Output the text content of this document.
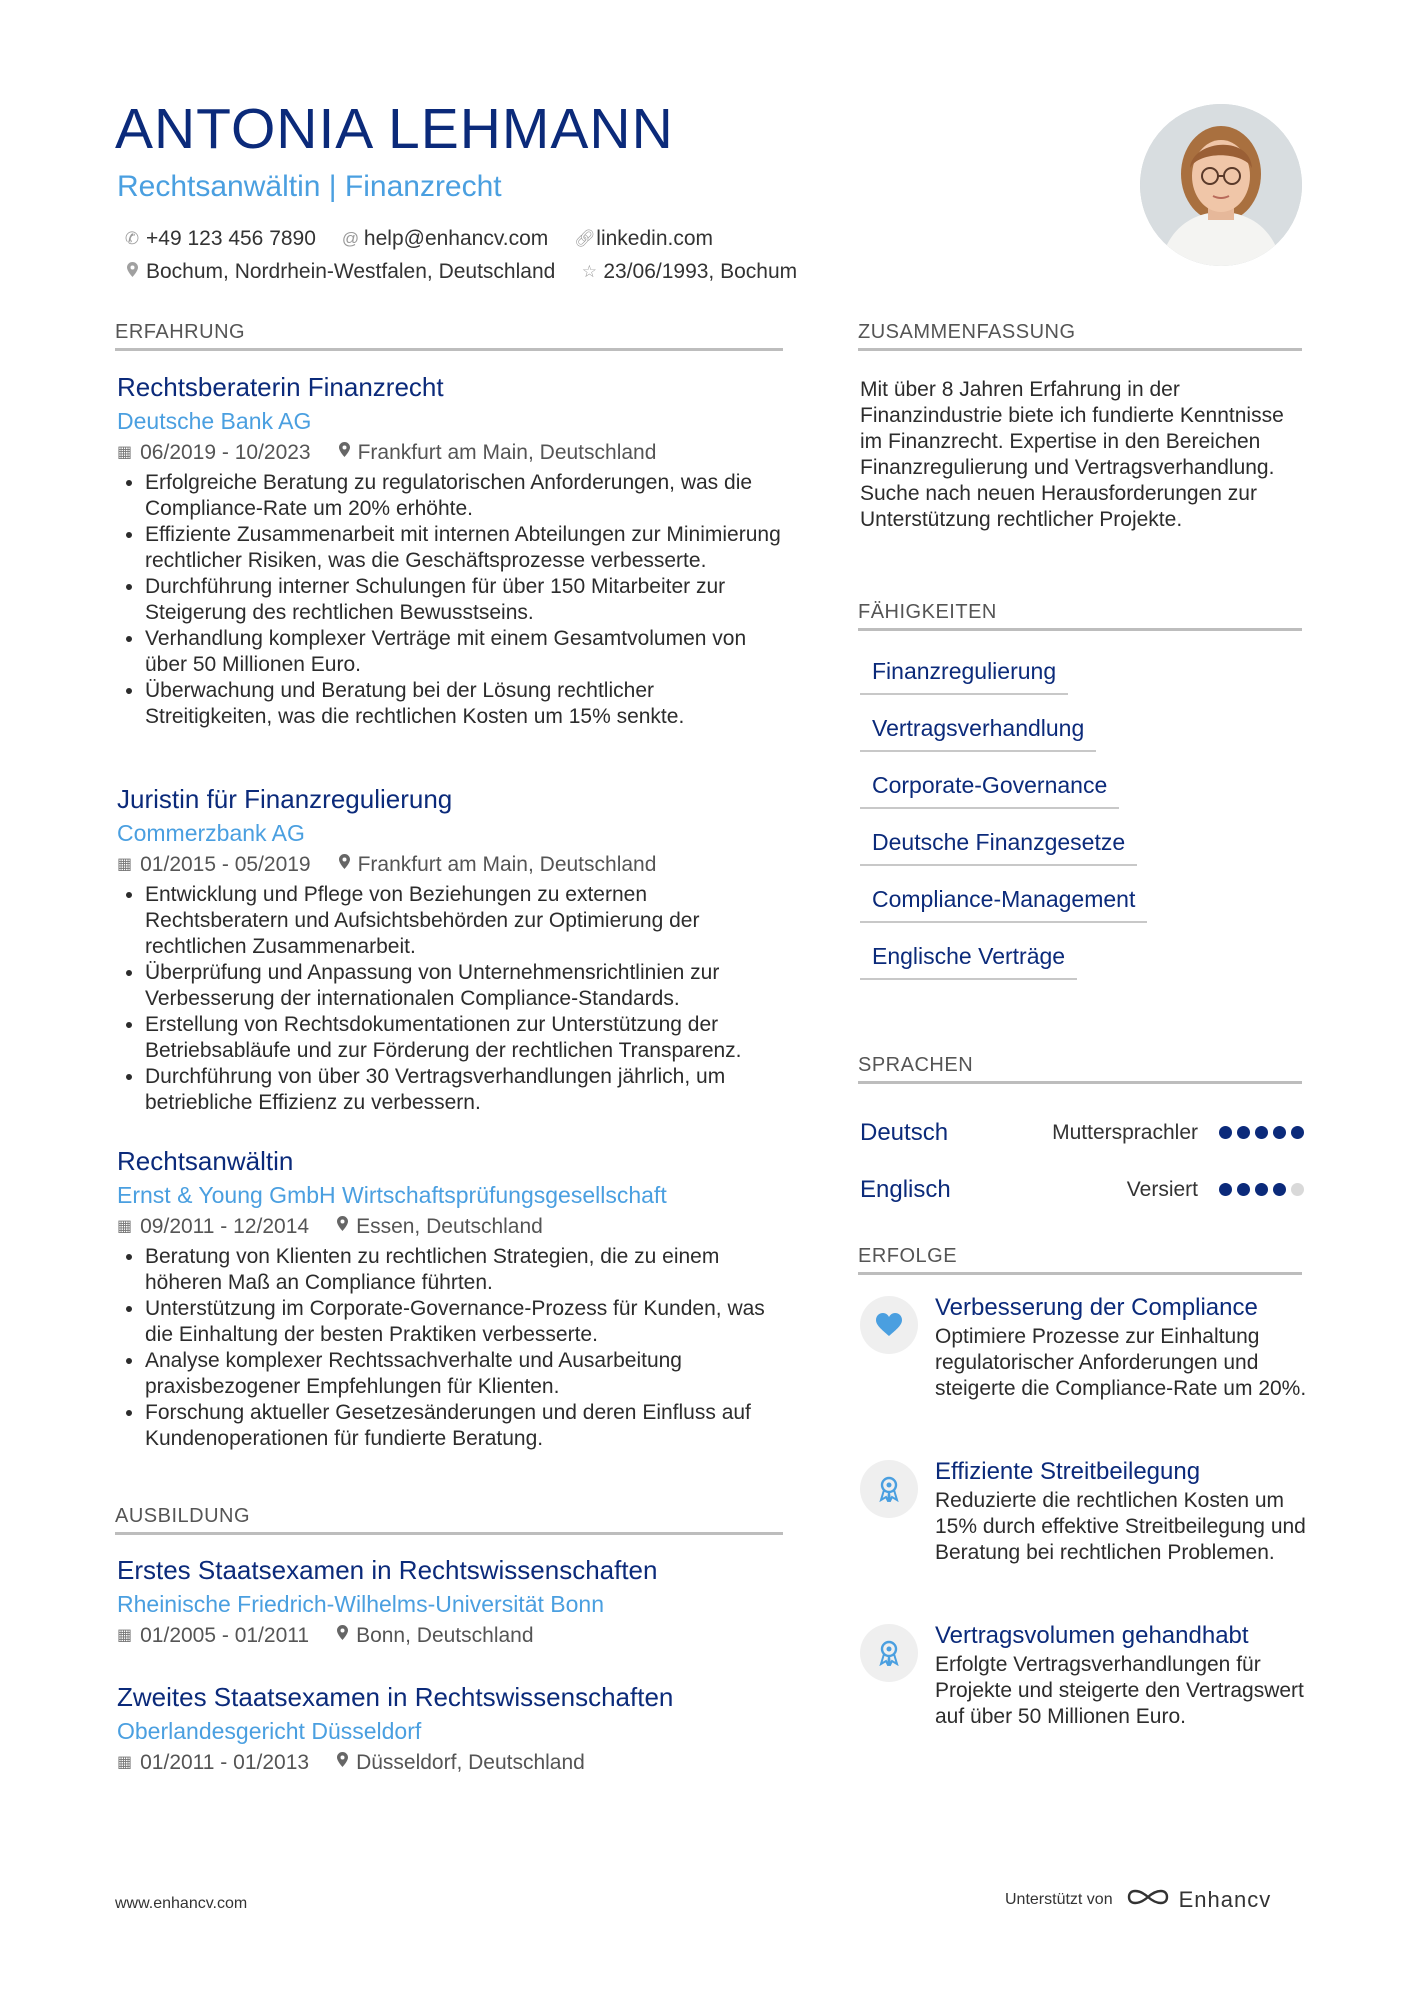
ANTONIA LEHMANN
Rechtsanwältin | Finanzrecht
✆ +49 123 456 7890 @ help@enhancv.com 🔗︎ linkedin.com
Bochum, Nordrhein-Westfalen, Deutschland ☆ 23/06/1993, Bochum
ERFAHRUNG
Rechtsberaterin Finanzrecht
Deutsche Bank AG
▦ 06/2019 - 10/2023 Frankfurt am Main, Deutschland
• Erfolgreiche Beratung zu regulatorischen Anforderungen, was die Compliance-Rate um 20% erhöhte.
• Effiziente Zusammenarbeit mit internen Abteilungen zur Minimierung rechtlicher Risiken, was die Geschäftsprozesse verbesserte.
• Durchführung interner Schulungen für über 150 Mitarbeiter zur Steigerung des rechtlichen Bewusstseins.
• Verhandlung komplexer Verträge mit einem Gesamtvolumen von über 50 Millionen Euro.
• Überwachung und Beratung bei der Lösung rechtlicher Streitigkeiten, was die rechtlichen Kosten um 15% senkte.
Juristin für Finanzregulierung
Commerzbank AG
▦ 01/2015 - 05/2019 Frankfurt am Main, Deutschland
• Entwicklung und Pflege von Beziehungen zu externen Rechtsberatern und Aufsichtsbehörden zur Optimierung der rechtlichen Zusammenarbeit.
• Überprüfung und Anpassung von Unternehmensrichtlinien zur Verbesserung der internationalen Compliance-Standards.
• Erstellung von Rechtsdokumentationen zur Unterstützung der Betriebsabläufe und zur Förderung der rechtlichen Transparenz.
• Durchführung von über 30 Vertragsverhandlungen jährlich, um betriebliche Effizienz zu verbessern.
Rechtsanwältin
Ernst & Young GmbH Wirtschaftsprüfungsgesellschaft
▦ 09/2011 - 12/2014 Essen, Deutschland
• Beratung von Klienten zu rechtlichen Strategien, die zu einem höheren Maß an Compliance führten.
• Unterstützung im Corporate-Governance-Prozess für Kunden, was die Einhaltung der besten Praktiken verbesserte.
• Analyse komplexer Rechtssachverhalte und Ausarbeitung praxisbezogener Empfehlungen für Klienten.
• Forschung aktueller Gesetzesänderungen und deren Einfluss auf Kundenoperationen für fundierte Beratung.
AUSBILDUNG
Erstes Staatsexamen in Rechtswissenschaften
Rheinische Friedrich-Wilhelms-Universität Bonn
▦ 01/2005 - 01/2011 Bonn, Deutschland
Zweites Staatsexamen in Rechtswissenschaften
Oberlandesgericht Düsseldorf
▦ 01/2011 - 01/2013 Düsseldorf, Deutschland
ZUSAMMENFASSUNG
Mit über 8 Jahren Erfahrung in der Finanzindustrie biete ich fundierte Kenntnisse im Finanzrecht. Expertise in den Bereichen Finanzregulierung und Vertragsverhandlung. Suche nach neuen Herausforderungen zur Unterstützung rechtlicher Projekte.
FÄHIGKEITEN
Finanzregulierung
Vertragsverhandlung
Corporate-Governance
Deutsche Finanzgesetze
Compliance-Management
Englische Verträge
SPRACHEN
Deutsch	Muttersprachler
Englisch	Versiert
ERFOLGE
Verbesserung der Compliance
Optimiere Prozesse zur Einhaltung regulatorischer Anforderungen und steigerte die Compliance-Rate um 20%.
Effiziente Streitbeilegung
Reduzierte die rechtlichen Kosten um 15% durch effektive Streitbeilegung und Beratung bei rechtlichen Problemen.
Vertragsvolumen gehandhabt
Erfolgte Vertragsverhandlungen für Projekte und steigerte den Vertragswert auf über 50 Millionen Euro.
www.enhancv.com	Unterstützt von	Enhancv
